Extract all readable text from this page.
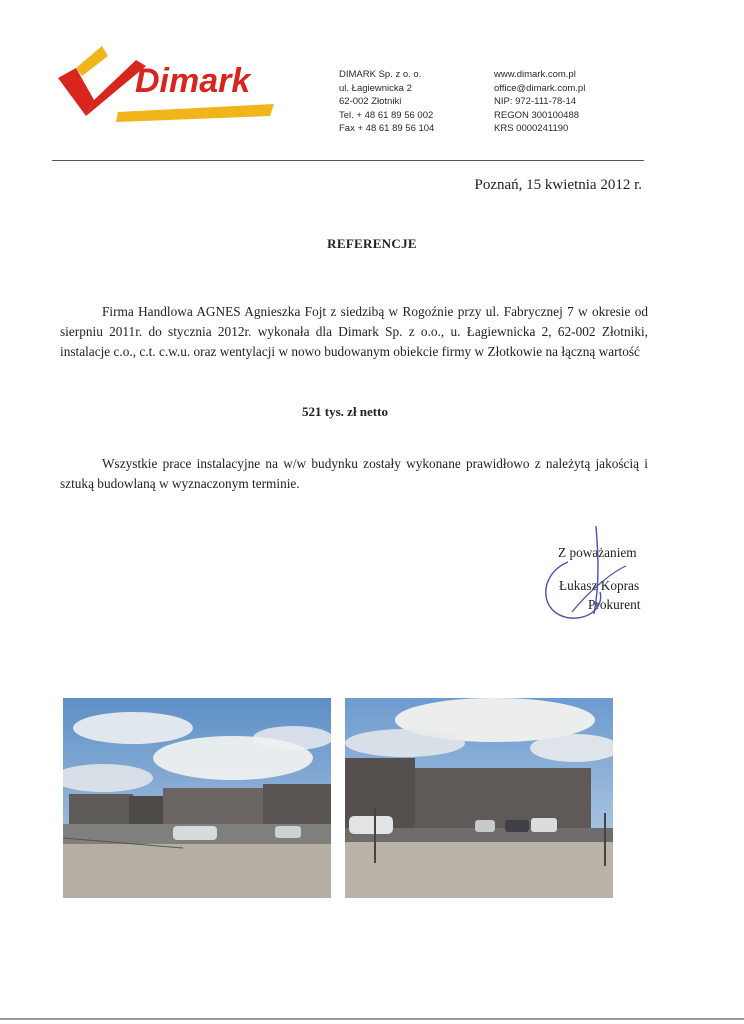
Dimark	DIMARK Sp. z o. o.
ul. Łagiewnicka 2
62-002 Złotniki
Tel. + 48 61 89 56 002
Fax + 48 61 89 56 104
www.dimark.com.pl
office@dimark.com.pl
NIP: 972-111-78-14
REGON 300100488
KRS 0000241190
Poznań, 15 kwietnia 2012 r.
REFERENCJE
Firma Handlowa AGNES Agnieszka Fojt z siedzibą w Rogoźnie przy ul. Fabrycznej 7 w okresie od sierpniu 2011r. do stycznia 2012r. wykonała dla Dimark Sp. z o.o., u. Łagiewnicka 2, 62-002 Złotniki, instalacje c.o., c.t. c.w.u. oraz wentylacji w nowo budowanym obiekcie firmy w Złotkowie na łączną wartość
521 tys. zł netto
Wszystkie prace instalacyjne na w/w budynku zostały wykonane prawidłowo z należytą jakością i sztuką budowlaną w wyznaczonym terminie.
Z poważaniem
Łukasz Kopras
Prokurent
